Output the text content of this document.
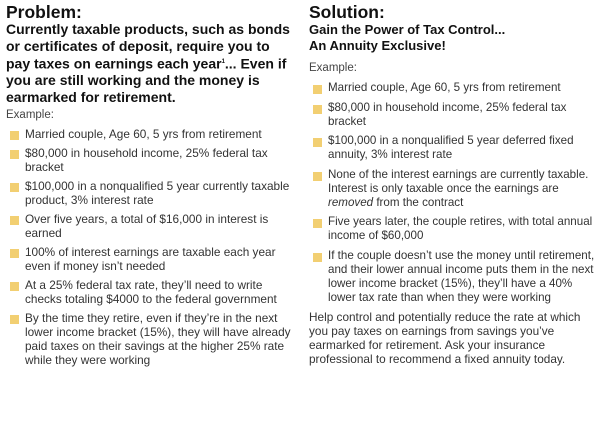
Problem:

Currently taxable products, such as bonds or certificates of deposit, require you to pay taxes on earnings each year$^1$... Even if you are still working and the money is earmarked for retirement.

Example:
Married couple, Age 60, 5 yrs from retirement
$80,000 in household income, 25% federal tax bracket
$100,000 in a nonqualified 5 year currently taxable product, 3% interest rate
Over five years, a total of $16,000 in interest is earned
100% of interest earnings are taxable each year even if money isn’t needed
At a 25% federal tax rate, they’ll need to write checks totaling $4000 to the federal government
By the time they retire, even if they’re in the next lower income bracket (15%), they will have already paid taxes on their savings at the higher 25% rate while they were working
Solution:

Gain the Power of Tax Control...
An Annuity Exclusive!

Example:
Married couple, Age 60, 5 yrs from retirement
$80,000 in household income, 25% federal tax bracket
$100,000 in a nonqualified 5 year deferred fixed annuity, 3% interest rate
None of the interest earnings are currently taxable. Interest is only taxable once the earnings are removed from the contract
Five years later, the couple retires, with total annual income of $60,000
If the couple doesn’t use the money until retirement, and their lower annual income puts them in the next lower income bracket (15%), they’ll have a 40% lower tax rate than when they were working

Help control and potentially reduce the rate at which you pay taxes on earnings from savings you’ve earmarked for retirement. Ask your insurance professional to recommend a fixed annuity today.
